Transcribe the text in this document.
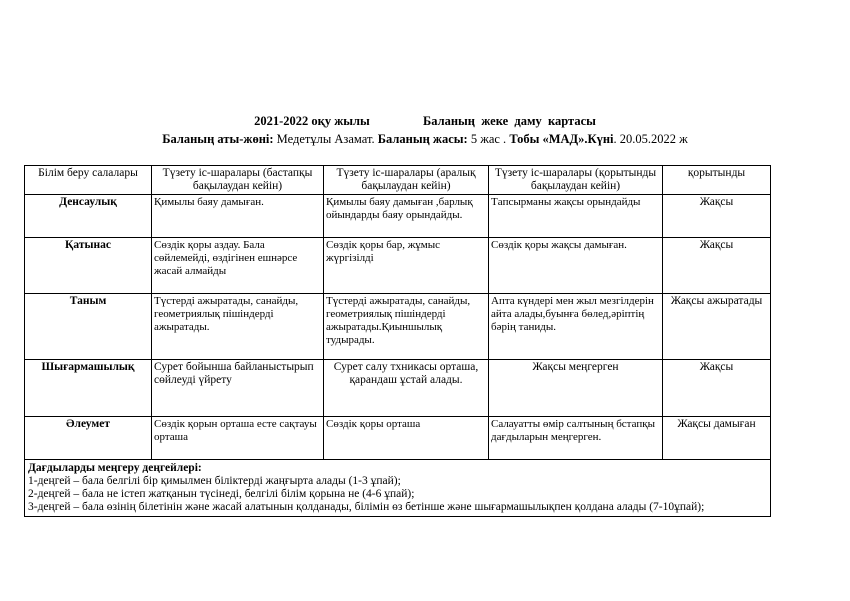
2021-2022 оқу жылы	Баланың  жеке  даму  картасы
Баланың аты-жөні: Медетұлы Азамат. Баланың жасы: 5 жас . Тобы «МАД».Күні. 20.05.2022 ж
Білім беру салалары	Түзету іс-шаралары (бастапқы бақылаудан кейін)	Түзету іс-шаралары (аралық бақылаудан кейін)	Түзету іс-шаралары (қорытынды бақылаудан кейін)	қорытынды
Денсаулық	Қимылы бaяу дaмыған.	Қимылы бaяу дaмыған ,бaрлық ойындaрды бaяу орындaйды.	Тaпсырмaны жaқсы орындaйды	Жақсы
Қатынас	Сөздік қоры аздау. Бала сөйлемейді, өздігінен ешнәрсе жасай алмайды	Сөздік қоры бар, жұмыс жүргізілді	Сөздік қоры жақсы дамыған.	Жақсы
Таным	Түстерді ажыратады, санайды, геометриялық пішіндерді ажыратады.	Түстерді ажыратады, санайды, геометриялық пішіндерді ажыратады.Қиыншылық тудырады.	Апта күндері мен жыл мезгілдерін айта алады,буынға бөлед,әріптің бәрің таниды.	Жақсы ажыратады
Шығармашылық	Сурет бойынша байланыстырып сөйлеуді үйрету	Сурет салу тхникасы орташа, қарандаш ұстай алады.	Жақсы меңгерген	Жақсы
Әлеумет	Сөздік қорын орташа есте сақтауы орташа	Сөздік қоры орташа	Салауатты өмір салтының бстапқы дағдыларын меңгерген.	Жақсы дамыған

Дағдыларды меңгеру деңгейлері:
1-деңгей – бала белгілі бір қимылмен біліктерді жаңғырта алады (1-3 ұпай);
2-деңгей – бала не істеп жатқанын түсінеді, белгілі білім қорына не (4-6 ұпай);
3-деңгей – бала өзінің білетінін және жасай алатынын қолданады, білімін өз бетінше және шығармашылықпен қолдана алады (7-10ұпай);				
